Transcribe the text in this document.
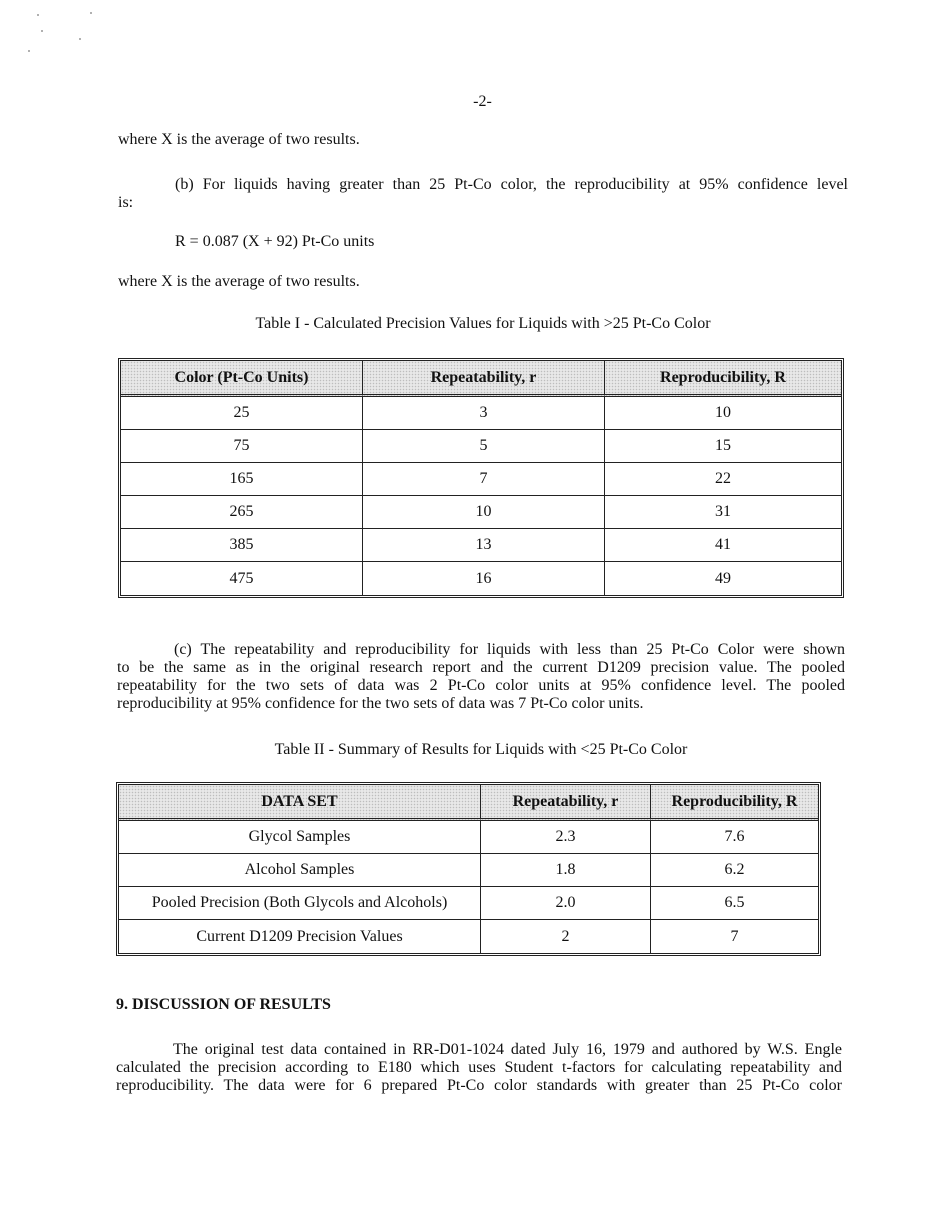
-2-

where X is the average of two results.

(b) For liquids having greater than 25 Pt-Co color, the reproducibility at 95% confidence level
is:

R = 0.087 (X + 92) Pt-Co units

where X is the average of two results.

Table I - Calculated Precision Values for Liquids with >25 Pt-Co Color
Color (Pt-Co Units)	Repeatability, r	Reproducibility, R
25	3	10
75	5	15
165	7	22
265	10	31
385	13	41
475	16	49
(c) The repeatability and reproducibility for liquids with less than 25 Pt-Co Color were shown
to be the same as in the original research report and the current D1209 precision value. The pooled
repeatability for the two sets of data was 2 Pt-Co color units at 95% confidence level. The pooled
reproducibility at 95% confidence for the two sets of data was 7 Pt-Co color units.
Table II - Summary of Results for Liquids with <25 Pt-Co Color
DATA SET	Repeatability, r	Reproducibility, R
Glycol Samples	2.3	7.6
Alcohol Samples	1.8	6.2
Pooled Precision (Both Glycols and Alcohols)	2.0	6.5
Current D1209 Precision Values	2	7
9. DISCUSSION OF RESULTS
The original test data contained in RR-D01-1024 dated July 16, 1979 and authored by W.S. Engle
calculated the precision according to E180 which uses Student t-factors for calculating repeatability and
reproducibility. The data were for 6 prepared Pt-Co color standards with greater than 25 Pt-Co color
